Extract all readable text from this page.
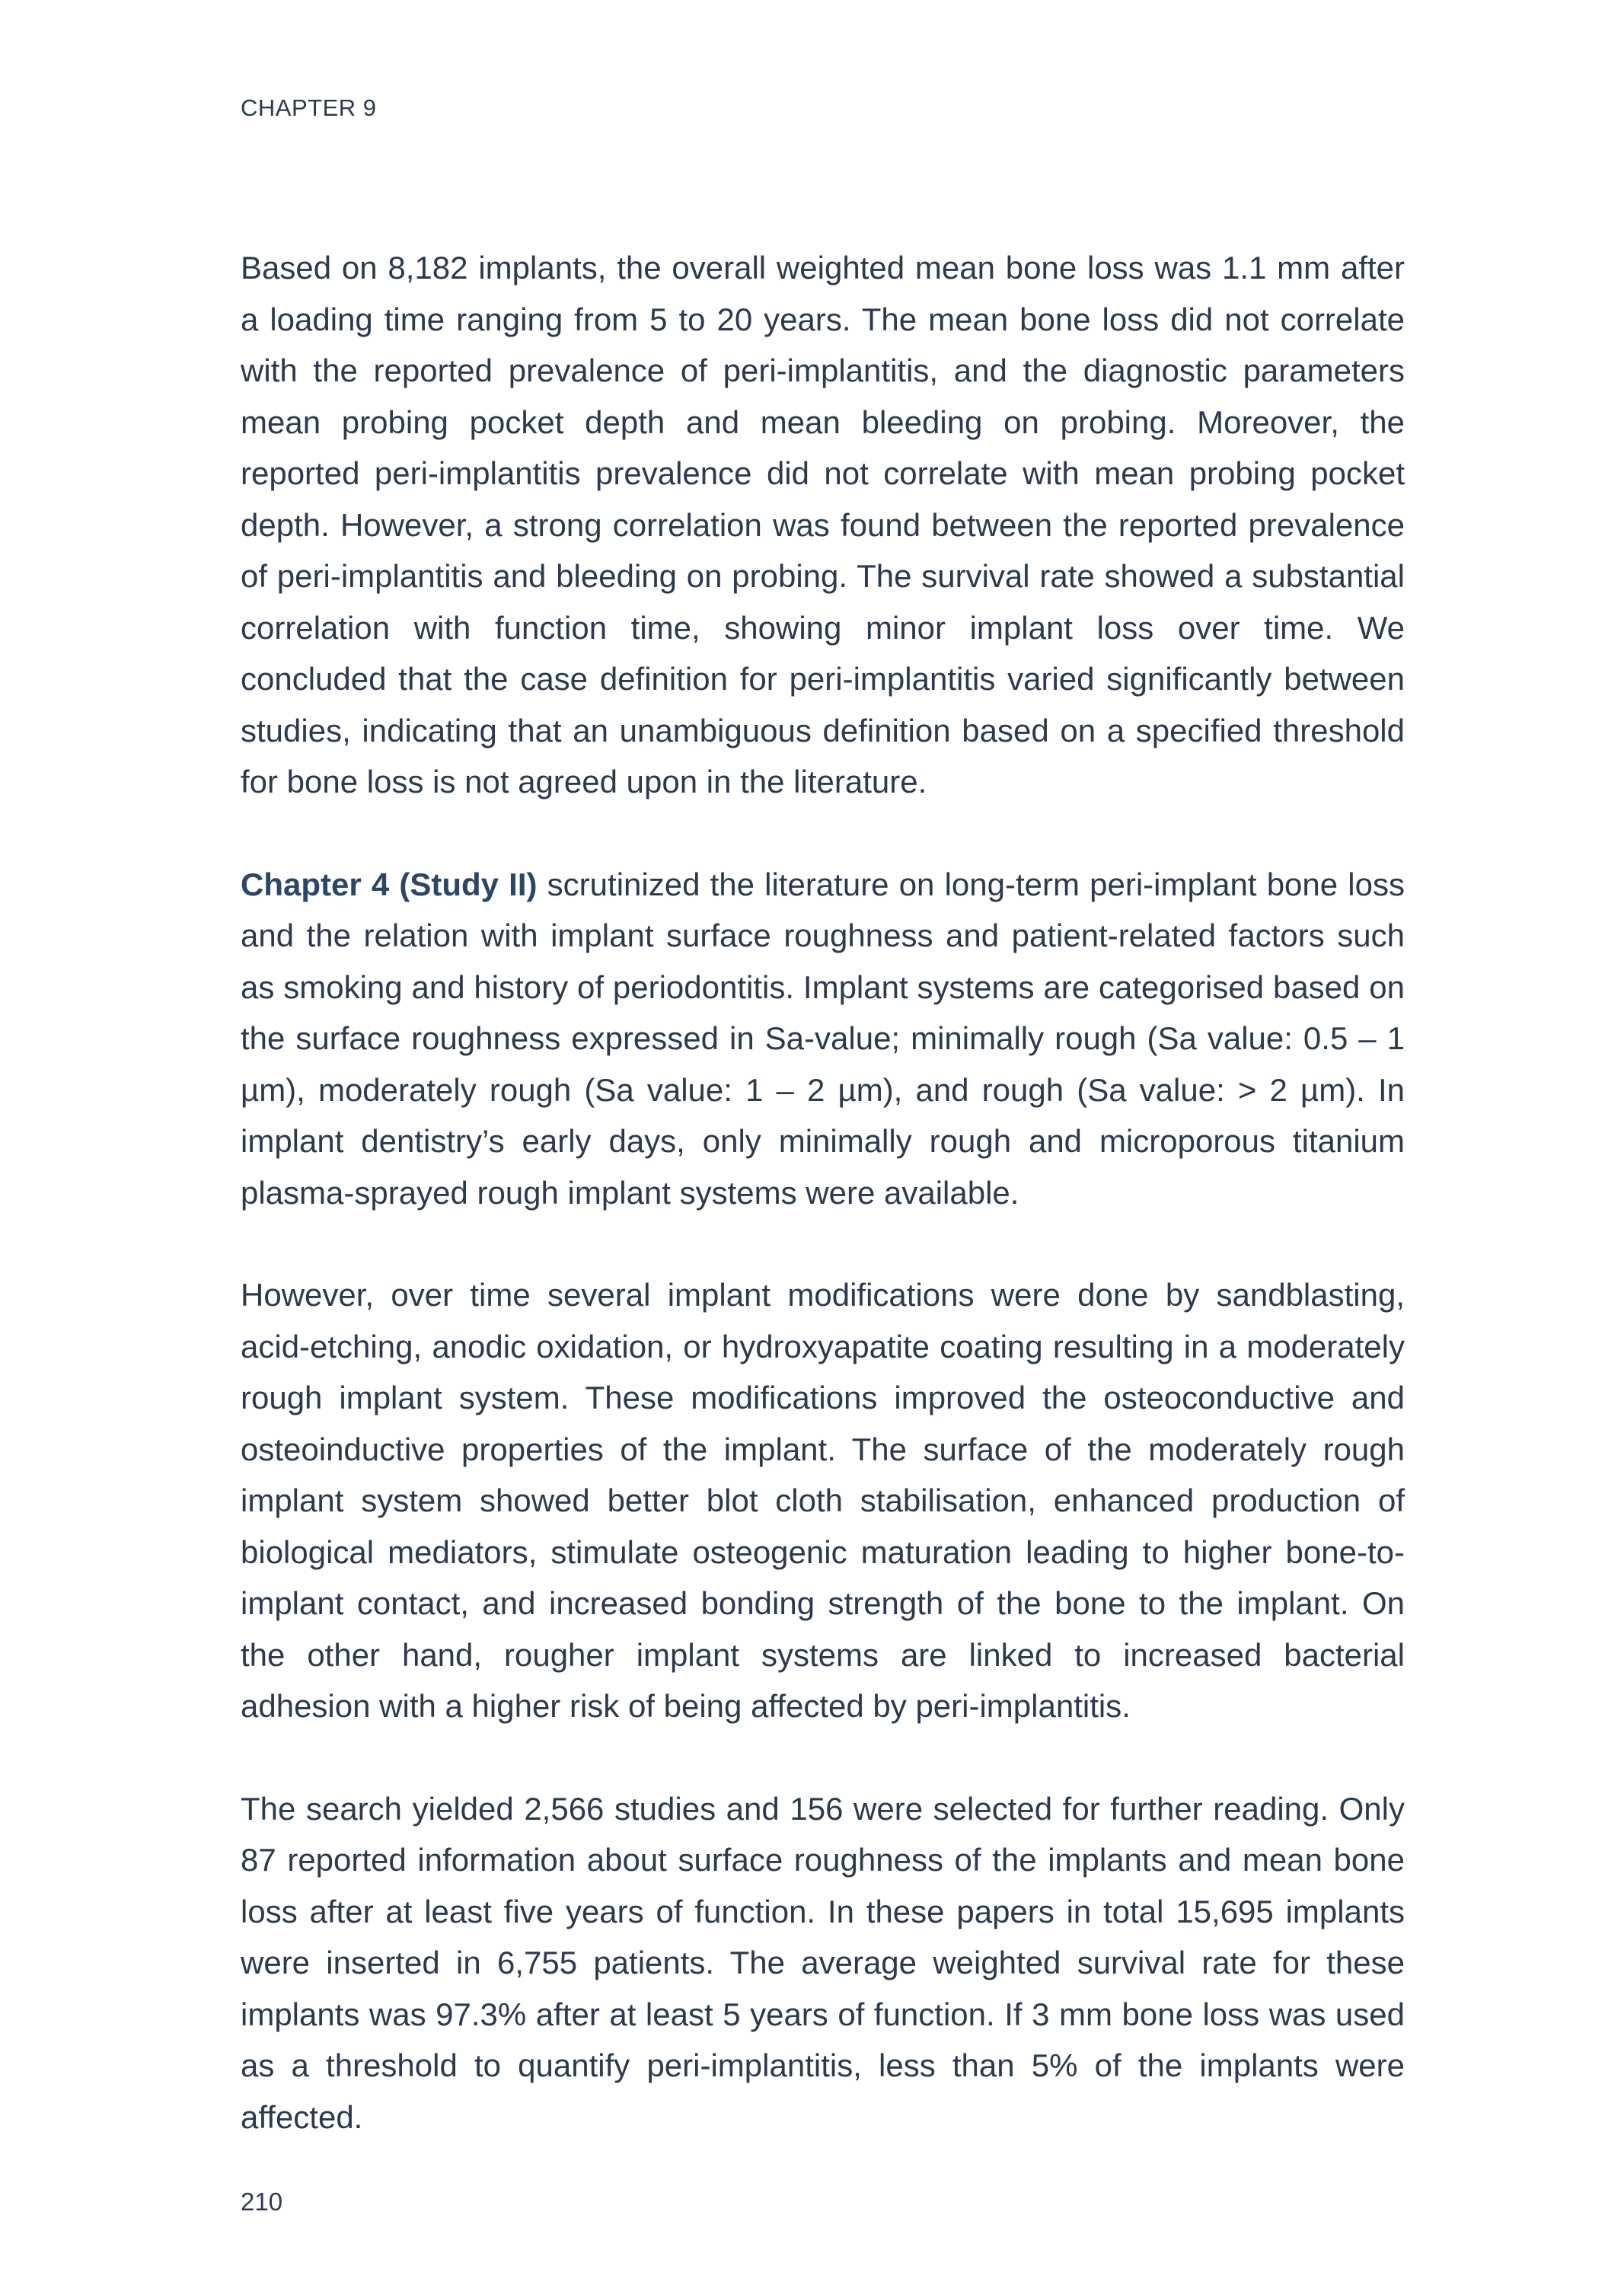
CHAPTER 9

Based on 8,182 implants, the overall weighted mean bone loss was 1.1 mm after a loading time ranging from 5 to 20 years. The mean bone loss did not correlate with the reported prevalence of peri-implantitis, and the diagnostic parameters mean probing pocket depth and mean bleeding on probing. Moreover, the reported peri-implantitis prevalence did not correlate with mean probing pocket depth. However, a strong correlation was found between the reported prevalence of peri-implantitis and bleeding on probing. The survival rate showed a substantial correlation with function time, showing minor implant loss over time. We concluded that the case definition for peri-implantitis varied significantly between studies, indicating that an unambiguous definition based on a specified threshold for bone loss is not agreed upon in the literature.

Chapter 4 (Study II) scrutinized the literature on long-term peri-implant bone loss and the relation with implant surface roughness and patient-related factors such as smoking and history of periodontitis. Implant systems are categorised based on the surface roughness expressed in Sa-value; minimally rough (Sa value: 0.5 – 1 µm), moderately rough (Sa value: 1 – 2 µm), and rough (Sa value: > 2 µm). In implant dentistry’s early days, only minimally rough and microporous titanium plasma-sprayed rough implant systems were available.

However, over time several implant modifications were done by sandblasting, acid-etching, anodic oxidation, or hydroxyapatite coating resulting in a moderately rough implant system. These modifications improved the osteoconductive and osteoinductive properties of the implant. The surface of the moderately rough implant system showed better blot cloth stabilisation, enhanced production of biological mediators, stimulate osteogenic maturation leading to higher bone-to-implant contact, and increased bonding strength of the bone to the implant. On the other hand, rougher implant systems are linked to increased bacterial adhesion with a higher risk of being affected by peri-implantitis.

The search yielded 2,566 studies and 156 were selected for further reading. Only 87 reported information about surface roughness of the implants and mean bone loss after at least five years of function. In these papers in total 15,695 implants were inserted in 6,755 patients. The average weighted survival rate for these implants was 97.3% after at least 5 years of function. If 3 mm bone loss was used as a threshold to quantify peri-implantitis, less than 5% of the implants were affected.

210
